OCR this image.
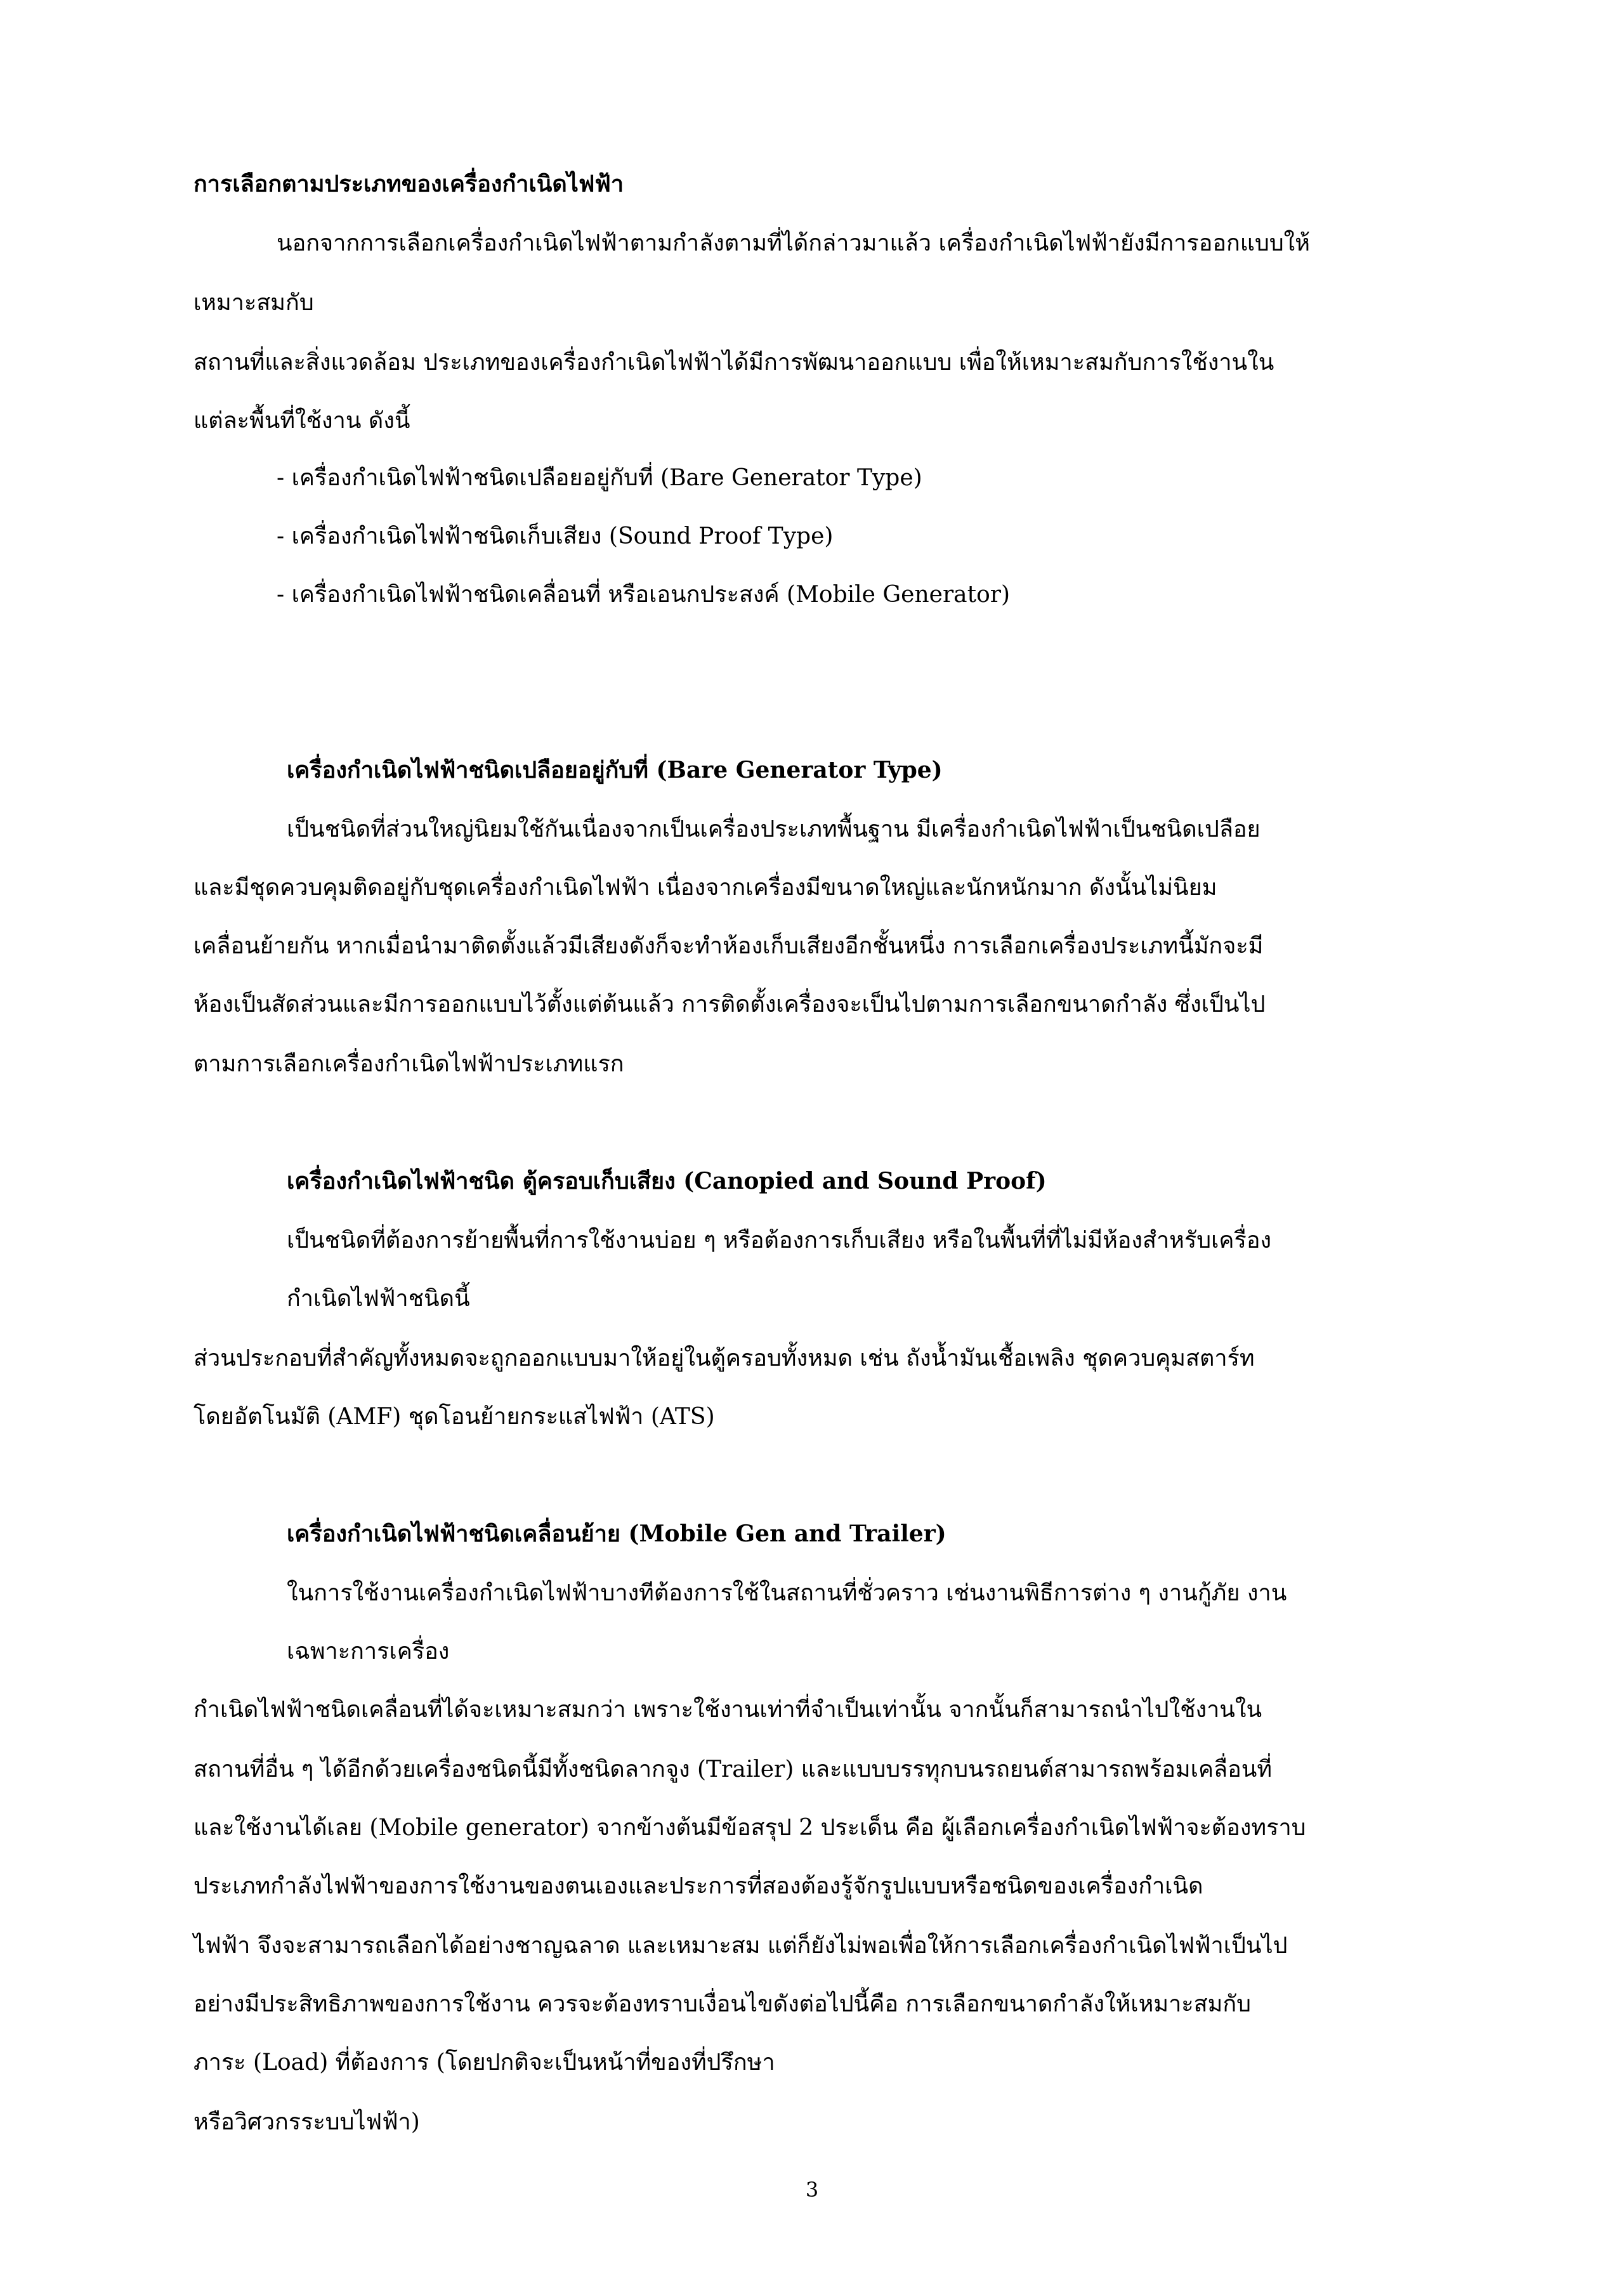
การเลือกตามประเภทของเครื่องกำเนิดไฟฟ้า
นอกจากการเลือกเครื่องกำเนิดไฟฟ้าตามกำลังตามที่ได้กล่าวมาแล้ว เครื่องกำเนิดไฟฟ้ายังมีการออกแบบให้
เหมาะสมกับ
สถานที่และสิ่งแวดล้อม ประเภทของเครื่องกำเนิดไฟฟ้าได้มีการพัฒนาออกแบบ เพื่อให้เหมาะสมกับการใช้งานใน
แต่ละพื้นที่ใช้งาน ดังนี้
- เครื่องกำเนิดไฟฟ้าชนิดเปลือยอยู่กับที่ (Bare Generator Type)
- เครื่องกำเนิดไฟฟ้าชนิดเก็บเสียง (Sound Proof Type)
- เครื่องกำเนิดไฟฟ้าชนิดเคลื่อนที่ หรือเอนกประสงค์ (Mobile Generator)
เครื่องกำเนิดไฟฟ้าชนิดเปลือยอยู่กับที่ (Bare Generator Type)
เป็นชนิดที่ส่วนใหญ่นิยมใช้กันเนื่องจากเป็นเครื่องประเภทพื้นฐาน มีเครื่องกำเนิดไฟฟ้าเป็นชนิดเปลือย
และมีชุดควบคุมติดอยู่กับชุดเครื่องกำเนิดไฟฟ้า เนื่องจากเครื่องมีขนาดใหญ่และนักหนักมาก ดังนั้นไม่นิยม
เคลื่อนย้ายกัน หากเมื่อนำมาติดตั้งแล้วมีเสียงดังก็จะทำห้องเก็บเสียงอีกชั้นหนึ่ง การเลือกเครื่องประเภทนี้มักจะมี
ห้องเป็นสัดส่วนและมีการออกแบบไว้ตั้งแต่ต้นแล้ว การติดตั้งเครื่องจะเป็นไปตามการเลือกขนาดกำลัง ซึ่งเป็นไป
ตามการเลือกเครื่องกำเนิดไฟฟ้าประเภทแรก
เครื่องกำเนิดไฟฟ้าชนิด ตู้ครอบเก็บเสียง (Canopied and Sound Proof)
เป็นชนิดที่ต้องการย้ายพื้นที่การใช้งานบ่อย ๆ หรือต้องการเก็บเสียง หรือในพื้นที่ที่ไม่มีห้องสำหรับเครื่อง
กำเนิดไฟฟ้าชนิดนี้
ส่วนประกอบที่สำคัญทั้งหมดจะถูกออกแบบมาให้อยู่ในตู้ครอบทั้งหมด เช่น ถังน้ำมันเชื้อเพลิง ชุดควบคุมสตาร์ท
โดยอัตโนมัติ (AMF) ชุดโอนย้ายกระแสไฟฟ้า (ATS)
เครื่องกำเนิดไฟฟ้าชนิดเคลื่อนย้าย (Mobile Gen and Trailer)
ในการใช้งานเครื่องกำเนิดไฟฟ้าบางทีต้องการใช้ในสถานที่ชั่วคราว เช่นงานพิธีการต่าง ๆ งานกู้ภัย งาน
เฉพาะการเครื่อง
กำเนิดไฟฟ้าชนิดเคลื่อนที่ได้จะเหมาะสมกว่า เพราะใช้งานเท่าที่จำเป็นเท่านั้น จากนั้นก็สามารถนำไปใช้งานใน
สถานที่อื่น ๆ ได้อีกด้วยเครื่องชนิดนี้มีทั้งชนิดลากจูง (Trailer) และแบบบรรทุกบนรถยนต์สามารถพร้อมเคลื่อนที่
และใช้งานได้เลย (Mobile generator) จากข้างต้นมีข้อสรุป 2 ประเด็น คือ ผู้เลือกเครื่องกำเนิดไฟฟ้าจะต้องทราบ
ประเภทกำลังไฟฟ้าของการใช้งานของตนเองและประการที่สองต้องรู้จักรูปแบบหรือชนิดของเครื่องกำเนิด
ไฟฟ้า จึงจะสามารถเลือกได้อย่างชาญฉลาด และเหมาะสม แต่ก็ยังไม่พอเพื่อให้การเลือกเครื่องกำเนิดไฟฟ้าเป็นไป
อย่างมีประสิทธิภาพของการใช้งาน ควรจะต้องทราบเงื่อนไขดังต่อไปนี้คือ การเลือกขนาดกำลังให้เหมาะสมกับ
ภาระ (Load) ที่ต้องการ (โดยปกติจะเป็นหน้าที่ของที่ปรึกษา
หรือวิศวกรระบบไฟฟ้า)
3
